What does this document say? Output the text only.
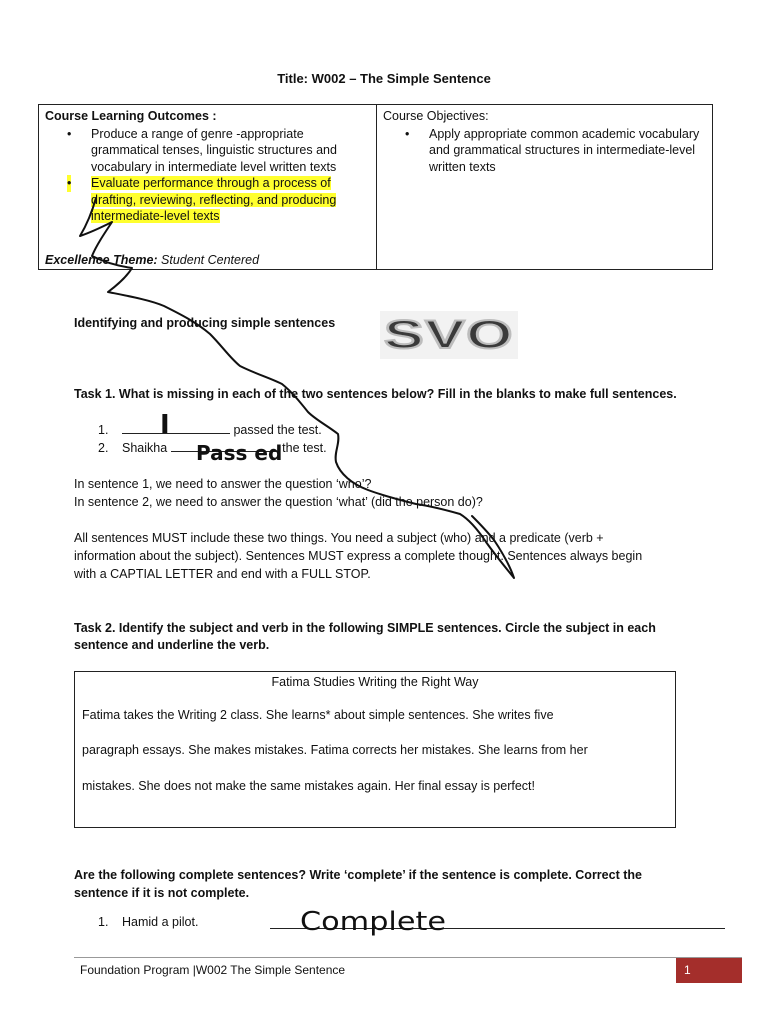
Title: W002 – The Simple Sentence
Course Learning Outcomes :
• Produce a range of genre -appropriate grammatical tenses, linguistic structures and vocabulary in intermediate level written texts
• Evaluate performance through a process of drafting, reviewing, reflecting, and producing intermediate-level texts
Excellence Theme: Student Centered

Course Objectives:
• Apply appropriate common academic vocabulary and grammatical structures in intermediate-level written texts
Identifying and producing simple sentences SVO
Task 1. What is missing in each of the two sentences below? Fill in the blanks to make full sentences.
1.	passed the test.
2. Shaikha	the test.
In sentence 1, we need to answer the question ‘who’?
In sentence 2, we need to answer the question ‘what’ (did the person do)?
All sentences MUST include these two things. You need a subject (who) and a predicate (verb +
information about the subject). Sentences MUST express a complete thought. Sentences always begin
with a CAPTIAL LETTER and end with a FULL STOP.
Task 2. Identify the subject and verb in the following SIMPLE sentences. Circle the subject in each
sentence and underline the verb.
Fatima Studies Writing the Right Way
Fatima takes the Writing 2 class. She learns* about simple sentences. She writes five
paragraph essays. She makes mistakes. Fatima corrects her mistakes. She learns from her
mistakes. She does not make the same mistakes again. Her final essay is perfect!
Are the following complete sentences? Write ‘complete’ if the sentence is complete. Correct the
sentence if it is not complete.
1. Hamid a pilot.
Foundation Program |W002 The Simple Sentence	1
I
Pass ed
Complete
